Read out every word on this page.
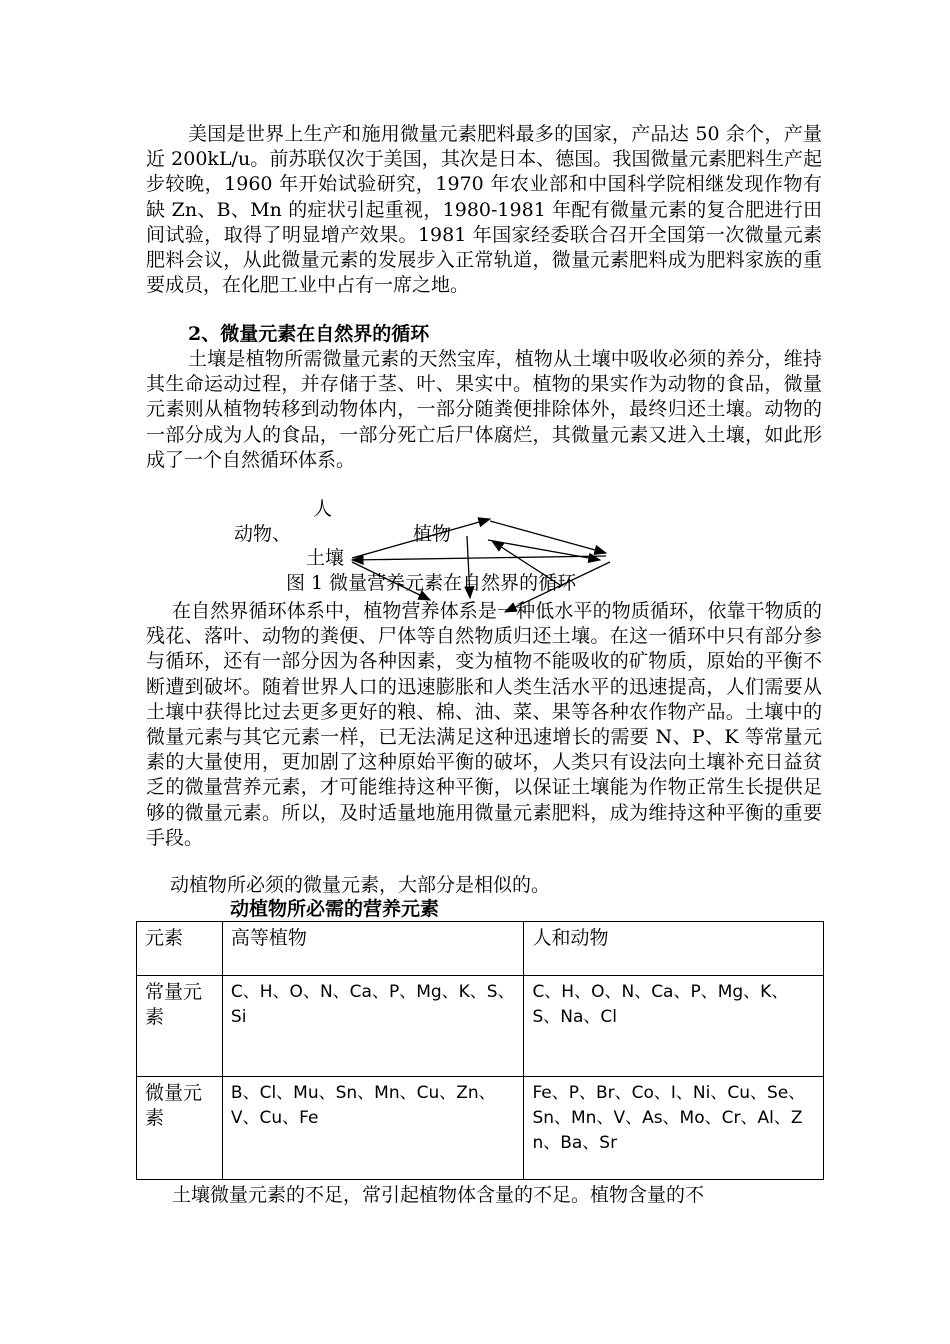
美国是世界上生产和施用微量元素肥料最多的国家，产品达 50 余个，产量近 200kL/u。前苏联仅次于美国，其次是日本、德国。我国微量元素肥料生产起步较晚，1960 年开始试验研究，1970 年农业部和中国科学院相继发现作物有缺 Zn、B、Mn 的症状引起重视，1980-1981 年配有微量元素的复合肥进行田间试验，取得了明显增产效果。1981 年国家经委联合召开全国第一次微量元素肥料会议，从此微量元素的发展步入正常轨道，微量元素肥料成为肥料家族的重要成员，在化肥工业中占有一席之地。

2、微量元素在自然界的循环

土壤是植物所需微量元素的天然宝库，植物从土壤中吸收必须的养分，维持其生命运动过程，并存储于茎、叶、果实中。植物的果实作为动物的食品，微量元素则从植物转移到动物体内，一部分随粪便排除体外，最终归还土壤。动物的一部分成为人的食品，一部分死亡后尸体腐烂，其微量元素又进入土壤，如此形成了一个自然循环体系。

人
动物、	植物
土壤
图 1 微量营养元素在自然界的循环

在自然界循环体系中，植物营养体系是一种低水平的物质循环，依靠干物质的残花、落叶、动物的粪便、尸体等自然物质归还土壤。在这一循环中只有部分参与循环，还有一部分因为各种因素，变为植物不能吸收的矿物质，原始的平衡不断遭到破坏。随着世界人口的迅速膨胀和人类生活水平的迅速提高，人们需要从土壤中获得比过去更多更好的粮、棉、油、菜、果等各种农作物产品。土壤中的微量元素与其它元素一样，已无法满足这种迅速增长的需要 N、P、K 等常量元素的大量使用，更加剧了这种原始平衡的破坏，人类只有设法向土壤补充日益贫乏的微量营养元素，才可能维持这种平衡，以保证土壤能为作物正常生长提供足够的微量元素。所以，及时适量地施用微量元素肥料，成为维持这种平衡的重要手段。

动植物所必须的微量元素，大部分是相似的。

动植物所必需的营养元素

元素	高等植物	人和动物
常量元素	C、H、O、N、Ca、P、Mg、K、S、Si	C、H、O、N、Ca、P、Mg、K、S、Na、Cl
微量元素	B、Cl、Mu、Sn、Mn、Cu、Zn、V、Cu、Fe	Fe、P、Br、Co、I、Ni、Cu、Se、Sn、Mn、V、As、Mo、Cr、Al、Zn、Ba、Sr

土壤微量元素的不足，常引起植物体含量的不足。植物含量的不
